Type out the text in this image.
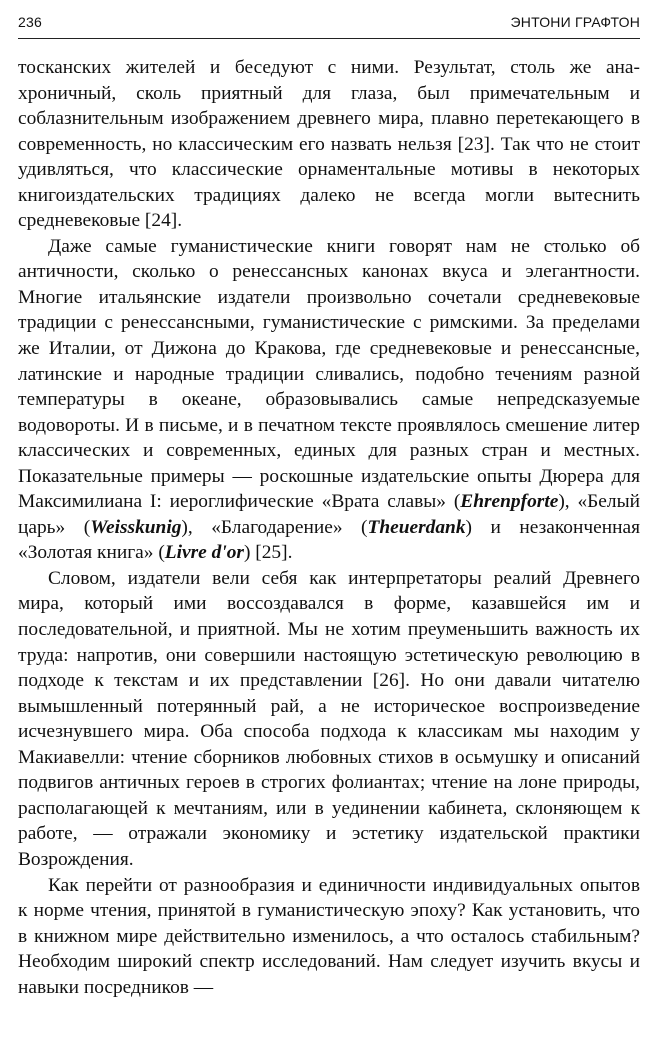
236	ЭНТОНИ ГРАФТОН

тосканских жителей и беседуют с ними. Результат, столь же анахроничный, сколь приятный для глаза, был примечательным и соблазнительным изображением древнего мира, плавно перетекающего в современность, но классическим его назвать нельзя [23]. Так что не стоит удивляться, что классические орнаментальные мотивы в некоторых книгоиздательских традициях далеко не всегда могли вытеснить средневековые [24].

Даже самые гуманистические книги говорят нам не столько об античности, сколько о ренессансных канонах вкуса и элегантности. Многие итальянские издатели произвольно сочетали средневековые традиции с ренессансными, гуманистические с римскими. За пределами же Италии, от Дижона до Кракова, где средневековые и ренессансные, латинские и народные традиции сливались, подобно течениям разной температуры в океане, образовывались самые непредсказуемые водовороты. И в письме, и в печатном тексте проявлялось смешение литер классических и современных, единых для разных стран и местных. Показательные примеры — роскошные издательские опыты Дюрера для Максимилиана I: иероглифические «Врата славы» (Ehrenpforte), «Белый царь» (Weisskunig), «Благодарение» (Theuerdank) и незаконченная «Золотая книга» (Livre d'or) [25].

Словом, издатели вели себя как интерпретаторы реалий Древнего мира, который ими воссоздавался в форме, казавшейся им и последовательной, и приятной. Мы не хотим преуменьшить важность их труда: напротив, они совершили настоящую эстетическую революцию в подходе к текстам и их представлении [26]. Но они давали читателю вымышленный потерянный рай, а не историческое воспроизведение исчезнувшего мира. Оба способа подхода к классикам мы находим у Макиавелли: чтение сборников любовных стихов в осьмушку и описаний подвигов античных героев в строгих фолиантах; чтение на лоне природы, располагающей к мечтаниям, или в уединении кабинета, склоняющем к работе, — отражали экономику и эстетику издательской практики Возрождения.

Как перейти от разнообразия и единичности индивидуальных опытов к норме чтения, принятой в гуманистическую эпоху? Как установить, что в книжном мире действительно изменилось, а что осталось стабильным? Необходим широкий спектр исследований. Нам следует изучить вкусы и навыки посредников —
